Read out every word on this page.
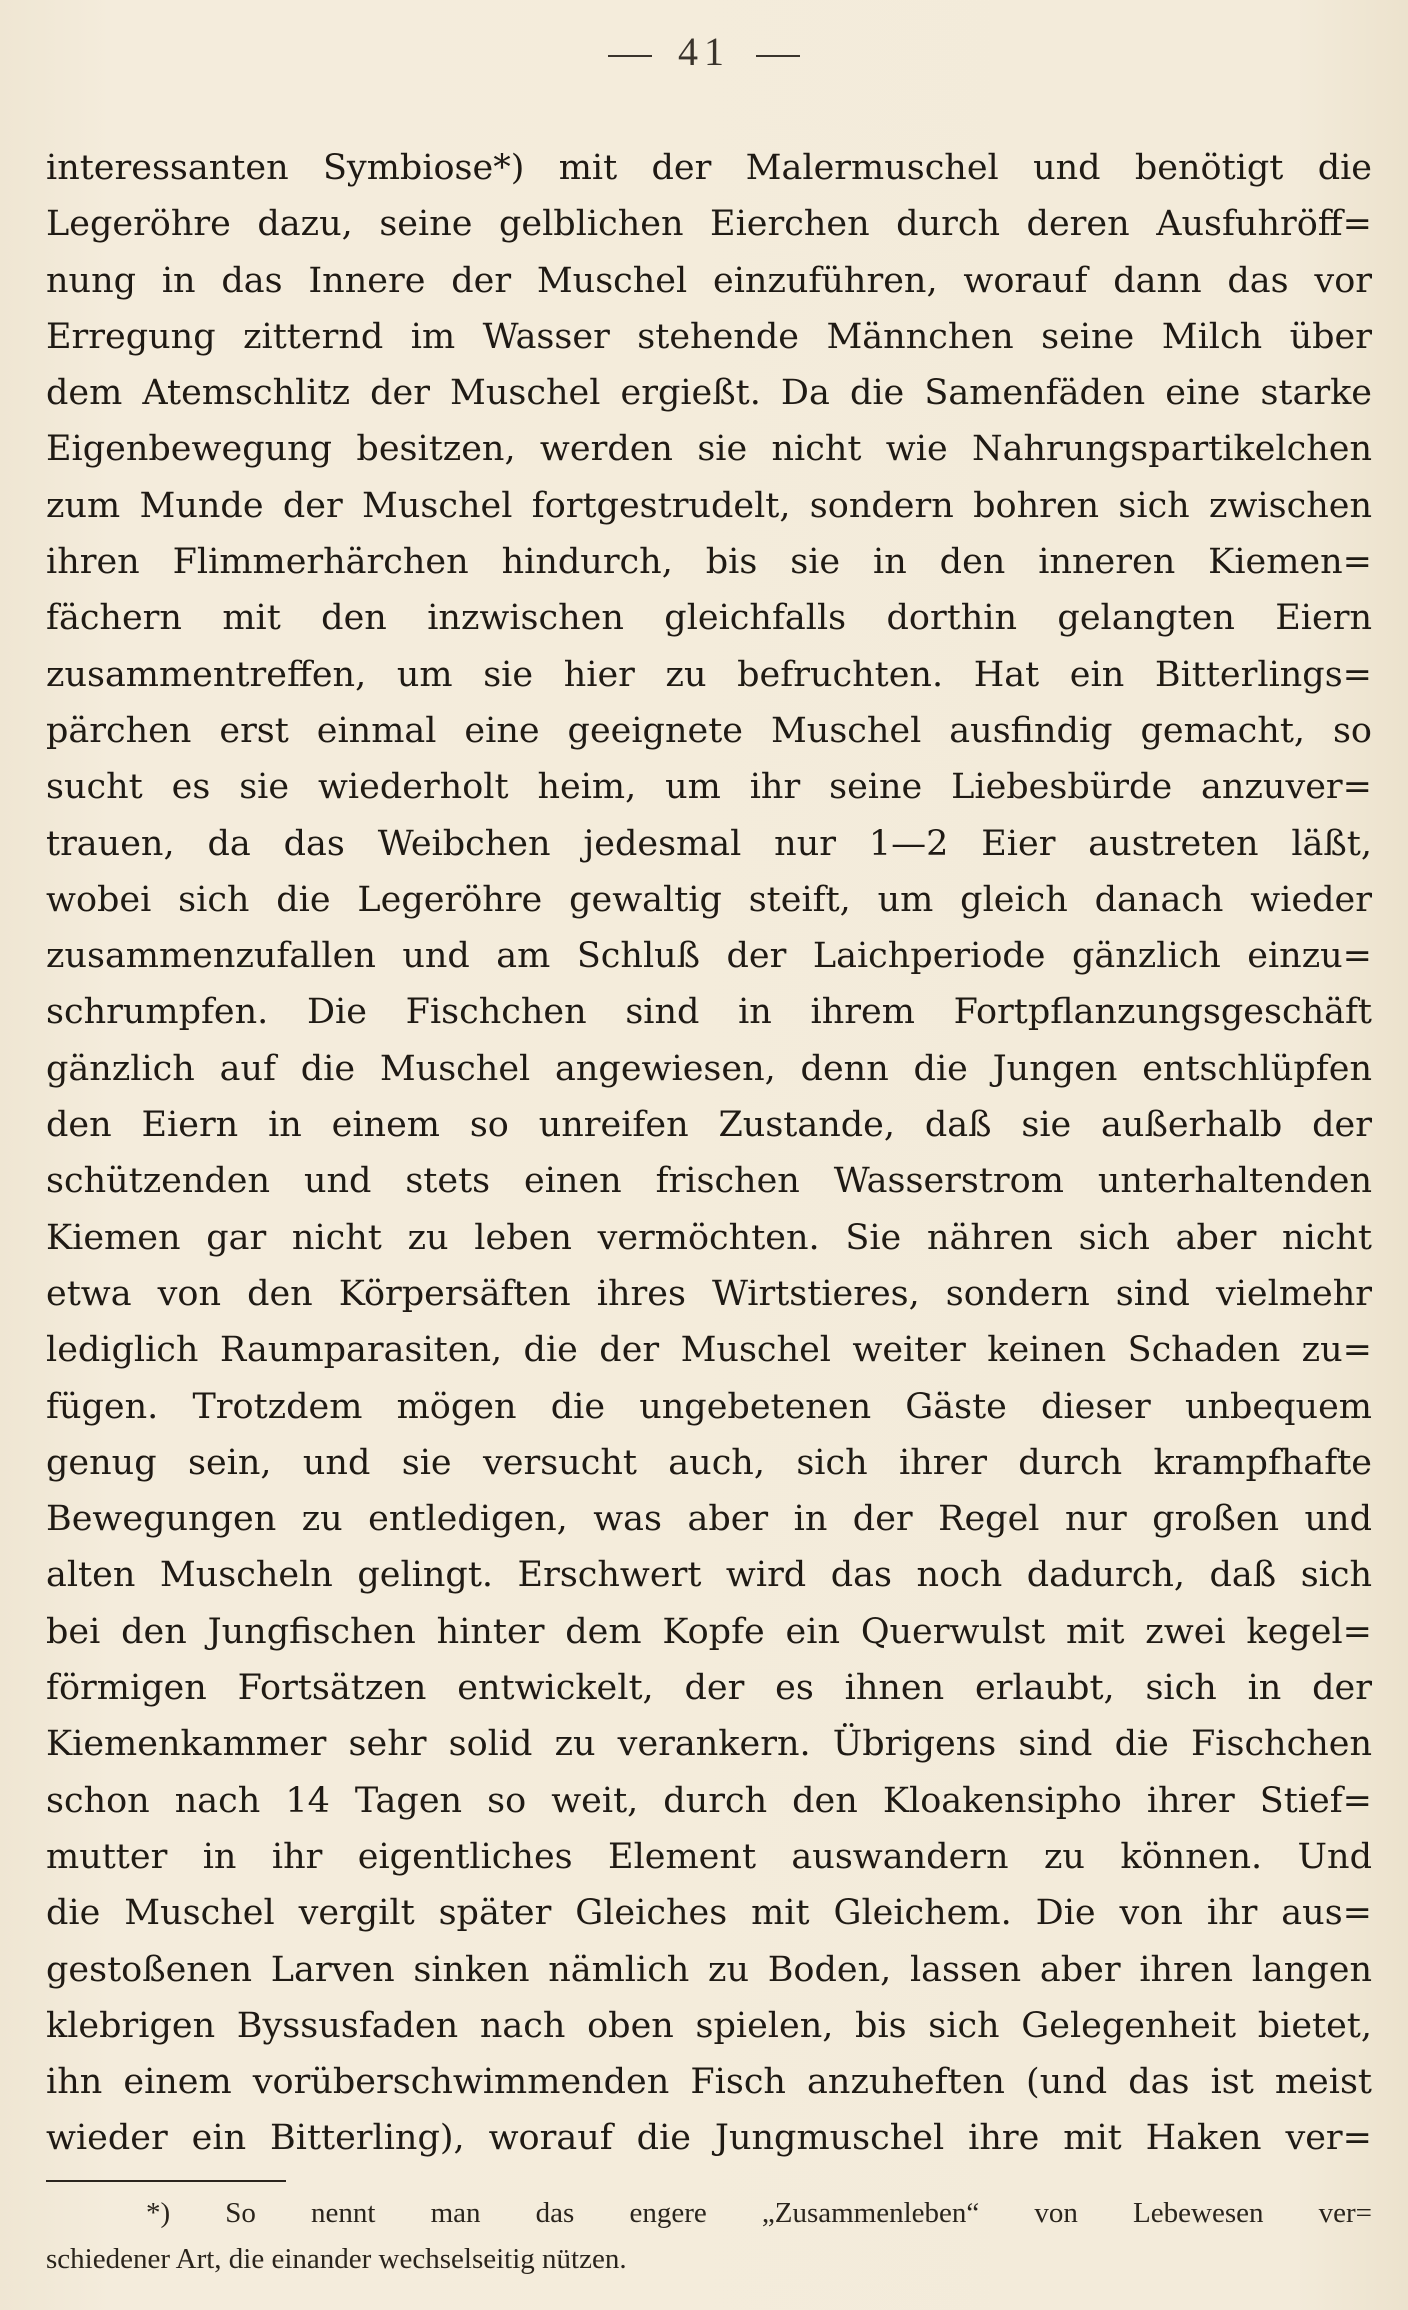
41
interessanten Symbiose*) mit der Malermuschel und benötigt die
Legeröhre dazu, seine gelblichen Eierchen durch deren Ausfuhröff=
nung in das Innere der Muschel einzuführen, worauf dann das vor
Erregung zitternd im Wasser stehende Männchen seine Milch über
dem Atemschlitz der Muschel ergießt. Da die Samenfäden eine starke
Eigenbewegung besitzen, werden sie nicht wie Nahrungspartikelchen
zum Munde der Muschel fortgestrudelt, sondern bohren sich zwischen
ihren Flimmerhärchen hindurch, bis sie in den inneren Kiemen=
fächern mit den inzwischen gleichfalls dorthin gelangten Eiern
zusammentreffen, um sie hier zu befruchten. Hat ein Bitterlings=
pärchen erst einmal eine geeignete Muschel ausfindig gemacht, so
sucht es sie wiederholt heim, um ihr seine Liebesbürde anzuver=
trauen, da das Weibchen jedesmal nur 1—2 Eier austreten läßt,
wobei sich die Legeröhre gewaltig steift, um gleich danach wieder
zusammenzufallen und am Schluß der Laichperiode gänzlich einzu=
schrumpfen. Die Fischchen sind in ihrem Fortpflanzungsgeschäft
gänzlich auf die Muschel angewiesen, denn die Jungen entschlüpfen
den Eiern in einem so unreifen Zustande, daß sie außerhalb der
schützenden und stets einen frischen Wasserstrom unterhaltenden
Kiemen gar nicht zu leben vermöchten. Sie nähren sich aber nicht
etwa von den Körpersäften ihres Wirtstieres, sondern sind vielmehr
lediglich Raumparasiten, die der Muschel weiter keinen Schaden zu=
fügen. Trotzdem mögen die ungebetenen Gäste dieser unbequem
genug sein, und sie versucht auch, sich ihrer durch krampfhafte
Bewegungen zu entledigen, was aber in der Regel nur großen und
alten Muscheln gelingt. Erschwert wird das noch dadurch, daß sich
bei den Jungfischen hinter dem Kopfe ein Querwulst mit zwei kegel=
förmigen Fortsätzen entwickelt, der es ihnen erlaubt, sich in der
Kiemenkammer sehr solid zu verankern. Übrigens sind die Fischchen
schon nach 14 Tagen so weit, durch den Kloakensipho ihrer Stief=
mutter in ihr eigentliches Element auswandern zu können. Und
die Muschel vergilt später Gleiches mit Gleichem. Die von ihr aus=
gestoßenen Larven sinken nämlich zu Boden, lassen aber ihren langen
klebrigen Byssusfaden nach oben spielen, bis sich Gelegenheit bietet,
ihn einem vorüberschwimmenden Fisch anzuheften (und das ist meist
wieder ein Bitterling), worauf die Jungmuschel ihre mit Haken ver=
*) So nennt man das engere „Zusammenleben“ von Lebewesen ver=
schiedener Art, die einander wechselseitig nützen.
